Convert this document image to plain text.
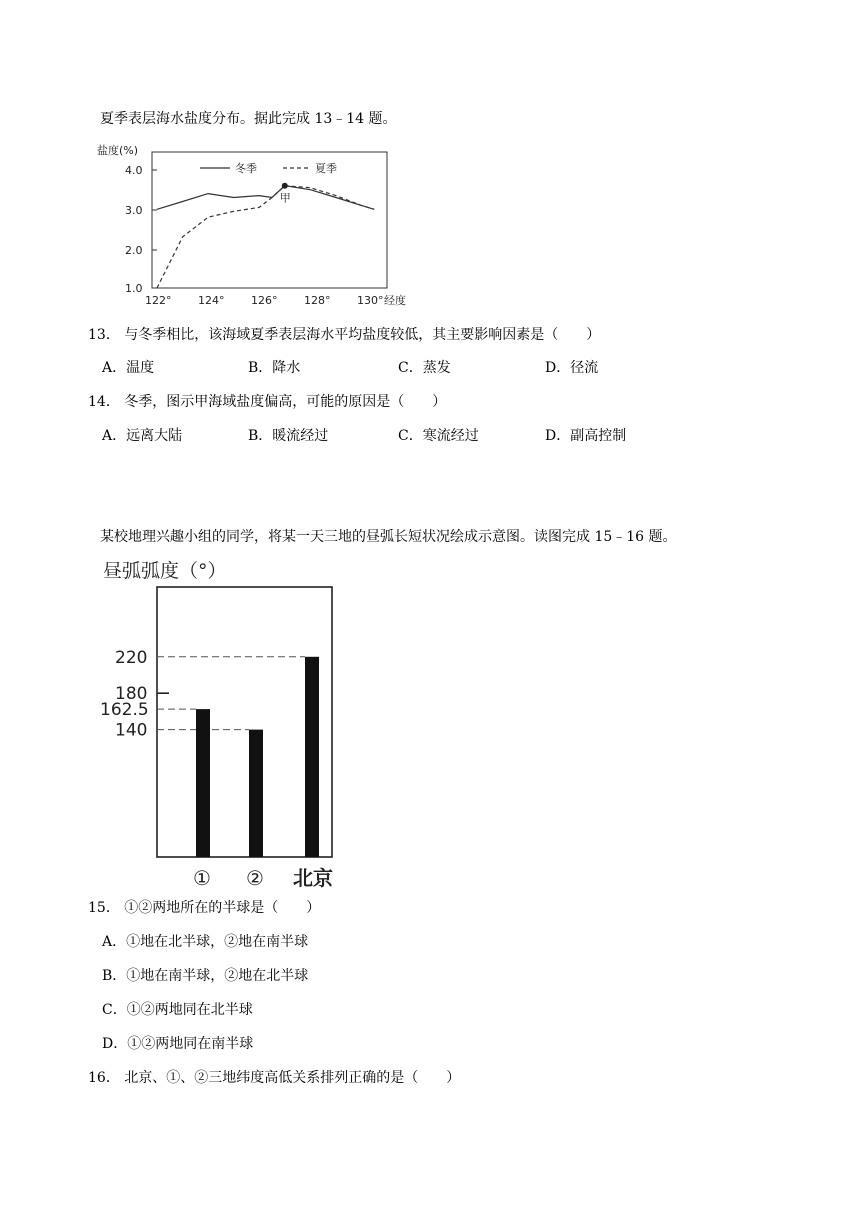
夏季表层海水盐度分布。据此完成 13﹣14 题。
盐度(%)
4.0
3.0
2.0
1.0
122° 124° 126° 128° 130° 经度
冬季	夏季
甲
13． 与冬季相比，该海域夏季表层海水平均盐度较低，其主要影响因素是（　　）
A．温度	B．降水	C．蒸发	D．径流
14． 冬季，图示甲海域盐度偏高，可能的原因是（　　）
A．远离大陆	B．暖流经过	C．寒流经过	D．副高控制
某校地理兴趣小组的同学，将某一天三地的昼弧长短状况绘成示意图。读图完成 15﹣16 题。
昼弧弧度（°）
220
180
162.5
140
① ② 北京
15． ①②两地所在的半球是（　　）
A．①地在北半球，②地在南半球
B．①地在南半球，②地在北半球
C．①②两地同在北半球
D．①②两地同在南半球
16． 北京、①、②三地纬度高低关系排列正确的是（　　）
